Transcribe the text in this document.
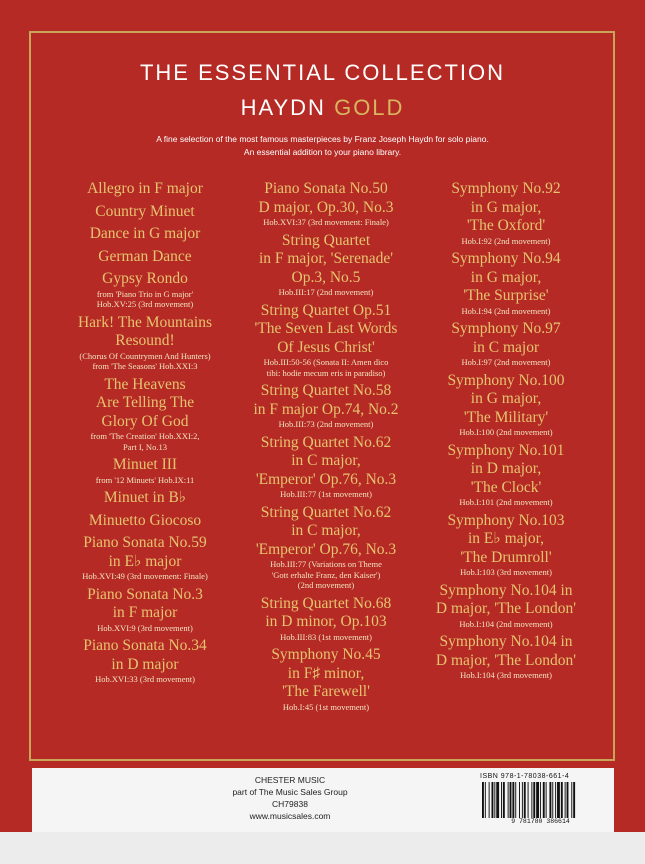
THE ESSENTIAL COLLECTION
HAYDN GOLD
A fine selection of the most famous masterpieces by Franz Joseph Haydn for solo piano.
An essential addition to your piano library.
Allegro in F major
Country Minuet
Dance in G major
German Dance
Gypsy Rondo
from 'Piano Trio in G major'
Hob.XV:25 (3rd movement)
Hark! The Mountains
Resound!
(Chorus Of Countrymen And Hunters)
from 'The Seasons' Hob.XXI:3
The Heavens
Are Telling The
Glory Of God
from 'The Creation' Hob.XXI:2,
Part I, No.13
Minuet III
from '12 Minuets' Hob.IX:11
Minuet in B♭
Minuetto Giocoso
Piano Sonata No.59
in E♭ major
Hob.XVI:49 (3rd movement: Finale)
Piano Sonata No.3
in F major
Hob.XVI:9 (3rd movement)
Piano Sonata No.34
in D major
Hob.XVI:33 (3rd movement)
Piano Sonata No.50
D major, Op.30, No.3
Hob.XVI:37 (3rd movement: Finale)
String Quartet
in F major, 'Serenade'
Op.3, No.5
Hob.III:17 (2nd movement)
String Quartet Op.51
'The Seven Last Words
Of Jesus Christ'
Hob.III:50-56 (Sonata II: Amen dico
tibi: hodie mecum eris in paradiso)
String Quartet No.58
in F major Op.74, No.2
Hob.III:73 (2nd movement)
String Quartet No.62
in C major,
'Emperor' Op.76, No.3
Hob.III:77 (1st movement)
String Quartet No.62
in C major,
'Emperor' Op.76, No.3
Hob.III:77 (Variations on Theme
'Gott erhalte Franz, den Kaiser')
(2nd movement)
String Quartet No.68
in D minor, Op.103
Hob.III:83 (1st movement)
Symphony No.45
in F♯ minor,
'The Farewell'
Hob.I:45 (1st movement)
Symphony No.92
in G major,
'The Oxford'
Hob.I:92 (2nd movement)
Symphony No.94
in G major,
'The Surprise'
Hob.I:94 (2nd movement)
Symphony No.97
in C major
Hob.I:97 (2nd movement)
Symphony No.100
in G major,
'The Military'
Hob.I:100 (2nd movement)
Symphony No.101
in D major,
'The Clock'
Hob.I:101 (2nd movement)
Symphony No.103
in E♭ major,
'The Drumroll'
Hob.I:103 (3rd movement)
Symphony No.104 in
D major, 'The London'
Hob.I:104 (2nd movement)
Symphony No.104 in
D major, 'The London'
Hob.I:104 (3rd movement)
CHESTER MUSIC
part of The Music Sales Group
CH79838
www.musicsales.com
ISBN 978-1-78038-661-4
9 781780 386614
